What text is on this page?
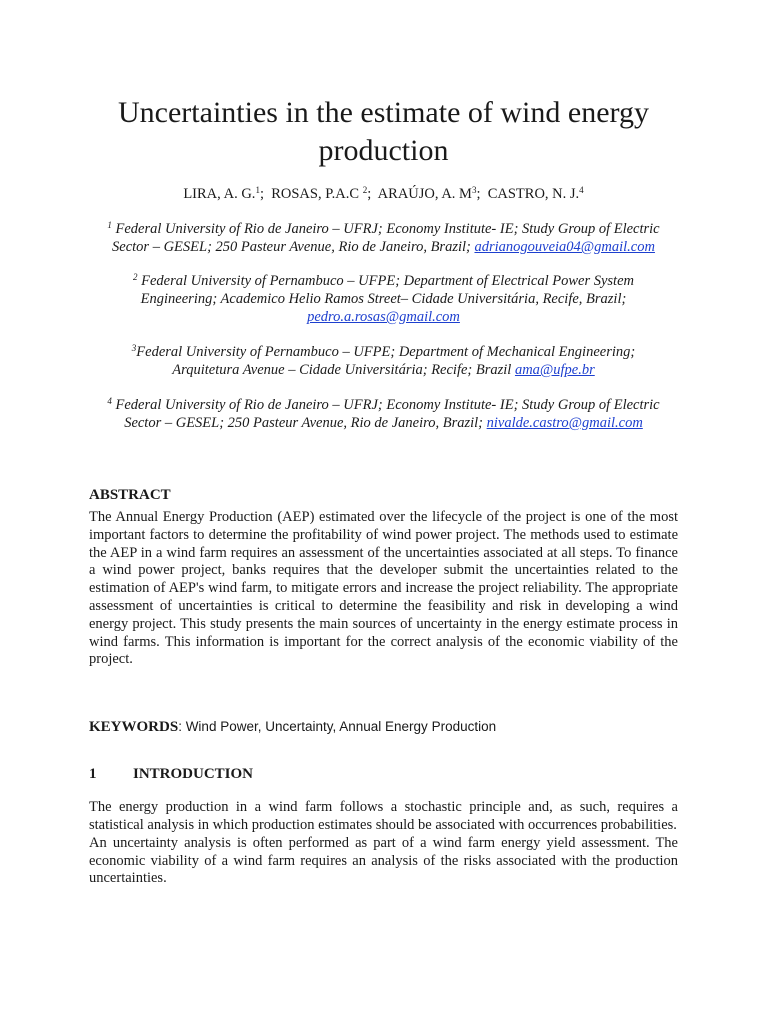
Uncertainties in the estimate of wind energy production

LIRA, A. G.$^1$;  ROSAS, P.A.C $^2$;  ARAÚJO, A. $M^3$;  CASTRO, N. J.$^4$

$^1$ Federal University of Rio de Janeiro – UFRJ; Economy Institute- IE; Study Group of Electric Sector – GESEL; 250 Pasteur Avenue, Rio de Janeiro, Brazil; adrianogouveia04@gmail.com

$^2$ Federal University of Pernambuco – UFPE; Department of Electrical Power System Engineering; Academico Helio Ramos Street– Cidade Universitária, Recife, Brazil; pedro.a.rosas@gmail.com

$^3$Federal University of Pernambuco – UFPE; Department of Mechanical Engineering; Arquitetura Avenue – Cidade Universitária; Recife; Brazil ama@ufpe.br

$^4$ Federal University of Rio de Janeiro – UFRJ; Economy Institute- IE; Study Group of Electric Sector – GESEL; 250 Pasteur Avenue, Rio de Janeiro, Brazil; nivalde.castro@gmail.com

ABSTRACT

The Annual Energy Production (AEP) estimated over the lifecycle of the project is one of the most important factors to determine the profitability of wind power project. The methods used to estimate the AEP in a wind farm requires an assessment of the uncertainties associated at all steps. To finance a wind power project, banks requires that the developer submit the uncertainties related to the estimation of AEP's wind farm, to mitigate errors and increase the project reliability. The appropriate assessment of uncertainties is critical to determine the feasibility and risk in developing a wind energy project. This study presents the main sources of uncertainty in the energy estimate process in wind farms. This information is important for the correct analysis of the economic viability of the project.

KEYWORDS: Wind Power, Uncertainty, Annual Energy Production

1	INTRODUCTION

The energy production in a wind farm follows a stochastic principle and, as such, requires a statistical analysis in which production estimates should be associated with occurrences probabilities.

An uncertainty analysis is often performed as part of a wind farm energy yield assessment. The economic viability of a wind farm requires an analysis of the risks associated with the production uncertainties.
